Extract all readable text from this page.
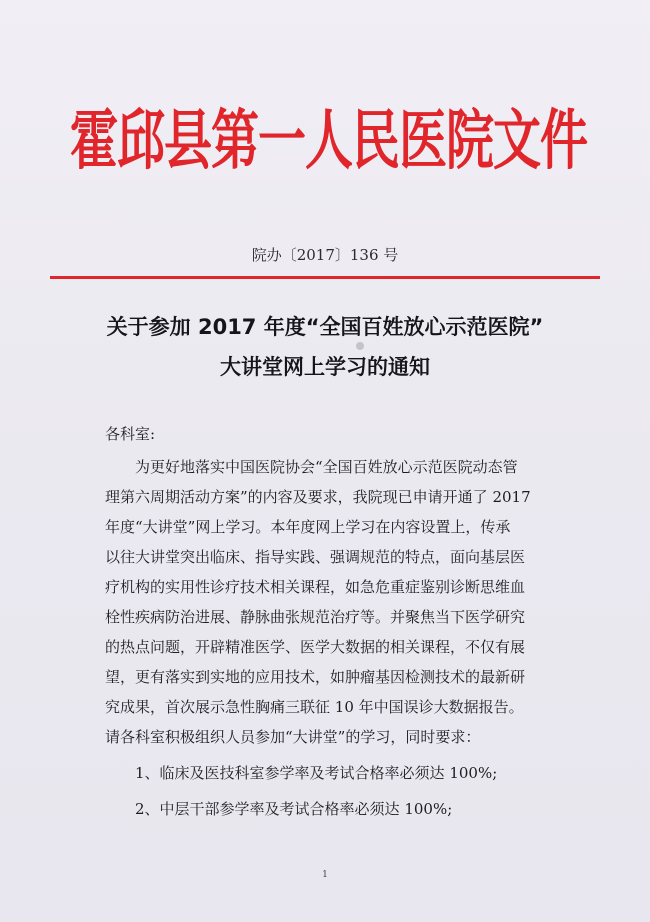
霍邱县第一人民医院文件
院办〔2017〕136 号
关于参加 2017 年度“全国百姓放心示范医院”
大讲堂网上学习的通知
各科室:
为更好地落实中国医院协会“全国百姓放心示范医院动态管
理第六周期活动方案”的内容及要求，我院现已申请开通了 2017
年度“大讲堂”网上学习。本年度网上学习在内容设置上，传承
以往大讲堂突出临床、指导实践、强调规范的特点，面向基层医
疗机构的实用性诊疗技术相关课程，如急危重症鉴别诊断思维血
栓性疾病防治进展、静脉曲张规范治疗等。并聚焦当下医学研究
的热点问题，开辟精准医学、医学大数据的相关课程，不仅有展
望，更有落实到实地的应用技术，如肿瘤基因检测技术的最新研
究成果，首次展示急性胸痛三联征 10 年中国误诊大数据报告。
请各科室积极组织人员参加“大讲堂”的学习，同时要求：
1、临床及医技科室参学率及考试合格率必须达 100%;
2、中层干部参学率及考试合格率必须达 100%;
1
